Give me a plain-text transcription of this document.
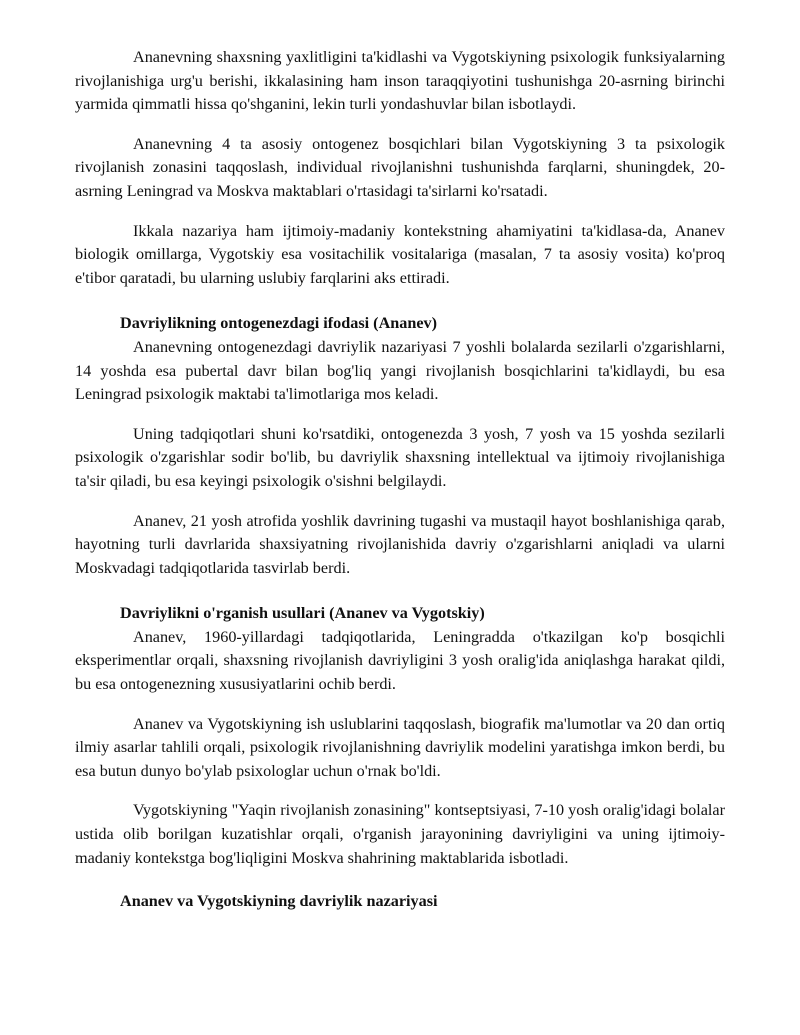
Ananevning shaxsning yaxlitligini ta'kidlashi va Vygotskiyning psixologik funksiyalarning rivojlanishiga urg'u berishi, ikkalasining ham inson taraqqiyotini tushunishga 20-asrning birinchi yarmida qimmatli hissa qo'shganini, lekin turli yondashuvlar bilan isbotlaydi.

Ananevning 4 ta asosiy ontogenez bosqichlari bilan Vygotskiyning 3 ta psixologik rivojlanish zonasini taqqoslash, individual rivojlanishni tushunishda farqlarni, shuningdek, 20-asrning Leningrad va Moskva maktablari o'rtasidagi ta'sirlarni ko'rsatadi.

Ikkala nazariya ham ijtimoiy-madaniy kontekstning ahamiyatini ta'kidlasa-da, Ananev biologik omillarga, Vygotskiy esa vositachilik vositalariga (masalan, 7 ta asosiy vosita) ko'proq e'tibor qaratadi, bu ularning uslubiy farqlarini aks ettiradi.

Davriylikning ontogenezdagi ifodasi (Ananev)

Ananevning ontogenezdagi davriylik nazariyasi 7 yoshli bolalarda sezilarli o'zgarishlarni, 14 yoshda esa pubertal davr bilan bog'liq yangi rivojlanish bosqichlarini ta'kidlaydi, bu esa Leningrad psixologik maktabi ta'limotlariga mos keladi.

Uning tadqiqotlari shuni ko'rsatdiki, ontogenezda 3 yosh, 7 yosh va 15 yoshda sezilarli psixologik o'zgarishlar sodir bo'lib, bu davriylik shaxsning intellektual va ijtimoiy rivojlanishiga ta'sir qiladi, bu esa keyingi psixologik o'sishni belgilaydi.

Ananev, 21 yosh atrofida yoshlik davrining tugashi va mustaqil hayot boshlanishiga qarab, hayotning turli davrlarida shaxsiyatning rivojlanishida davriy o'zgarishlarni aniqladi va ularni Moskvadagi tadqiqotlarida tasvirlab berdi.

Davriylikni o'rganish usullari (Ananev va Vygotskiy)

Ananev, 1960-yillardagi tadqiqotlarida, Leningradda o'tkazilgan ko'p bosqichli eksperimentlar orqali, shaxsning rivojlanish davriyligini 3 yosh oralig'ida aniqlashga harakat qildi, bu esa ontogenezning xususiyatlarini ochib berdi.

Ananev va Vygotskiyning ish uslublarini taqqoslash, biografik ma'lumotlar va 20 dan ortiq ilmiy asarlar tahlili orqali, psixologik rivojlanishning davriylik modelini yaratishga imkon berdi, bu esa butun dunyo bo'ylab psixologlar uchun o'rnak bo'ldi.

Vygotskiyning "Yaqin rivojlanish zonasining" kontseptsiyasi, 7-10 yosh oralig'idagi bolalar ustida olib borilgan kuzatishlar orqali, o'rganish jarayonining davriyligini va uning ijtimoiy-madaniy kontekstga bog'liqligini Moskva shahrining maktablarida isbotladi.

Ananev va Vygotskiyning davriylik nazariyasi
